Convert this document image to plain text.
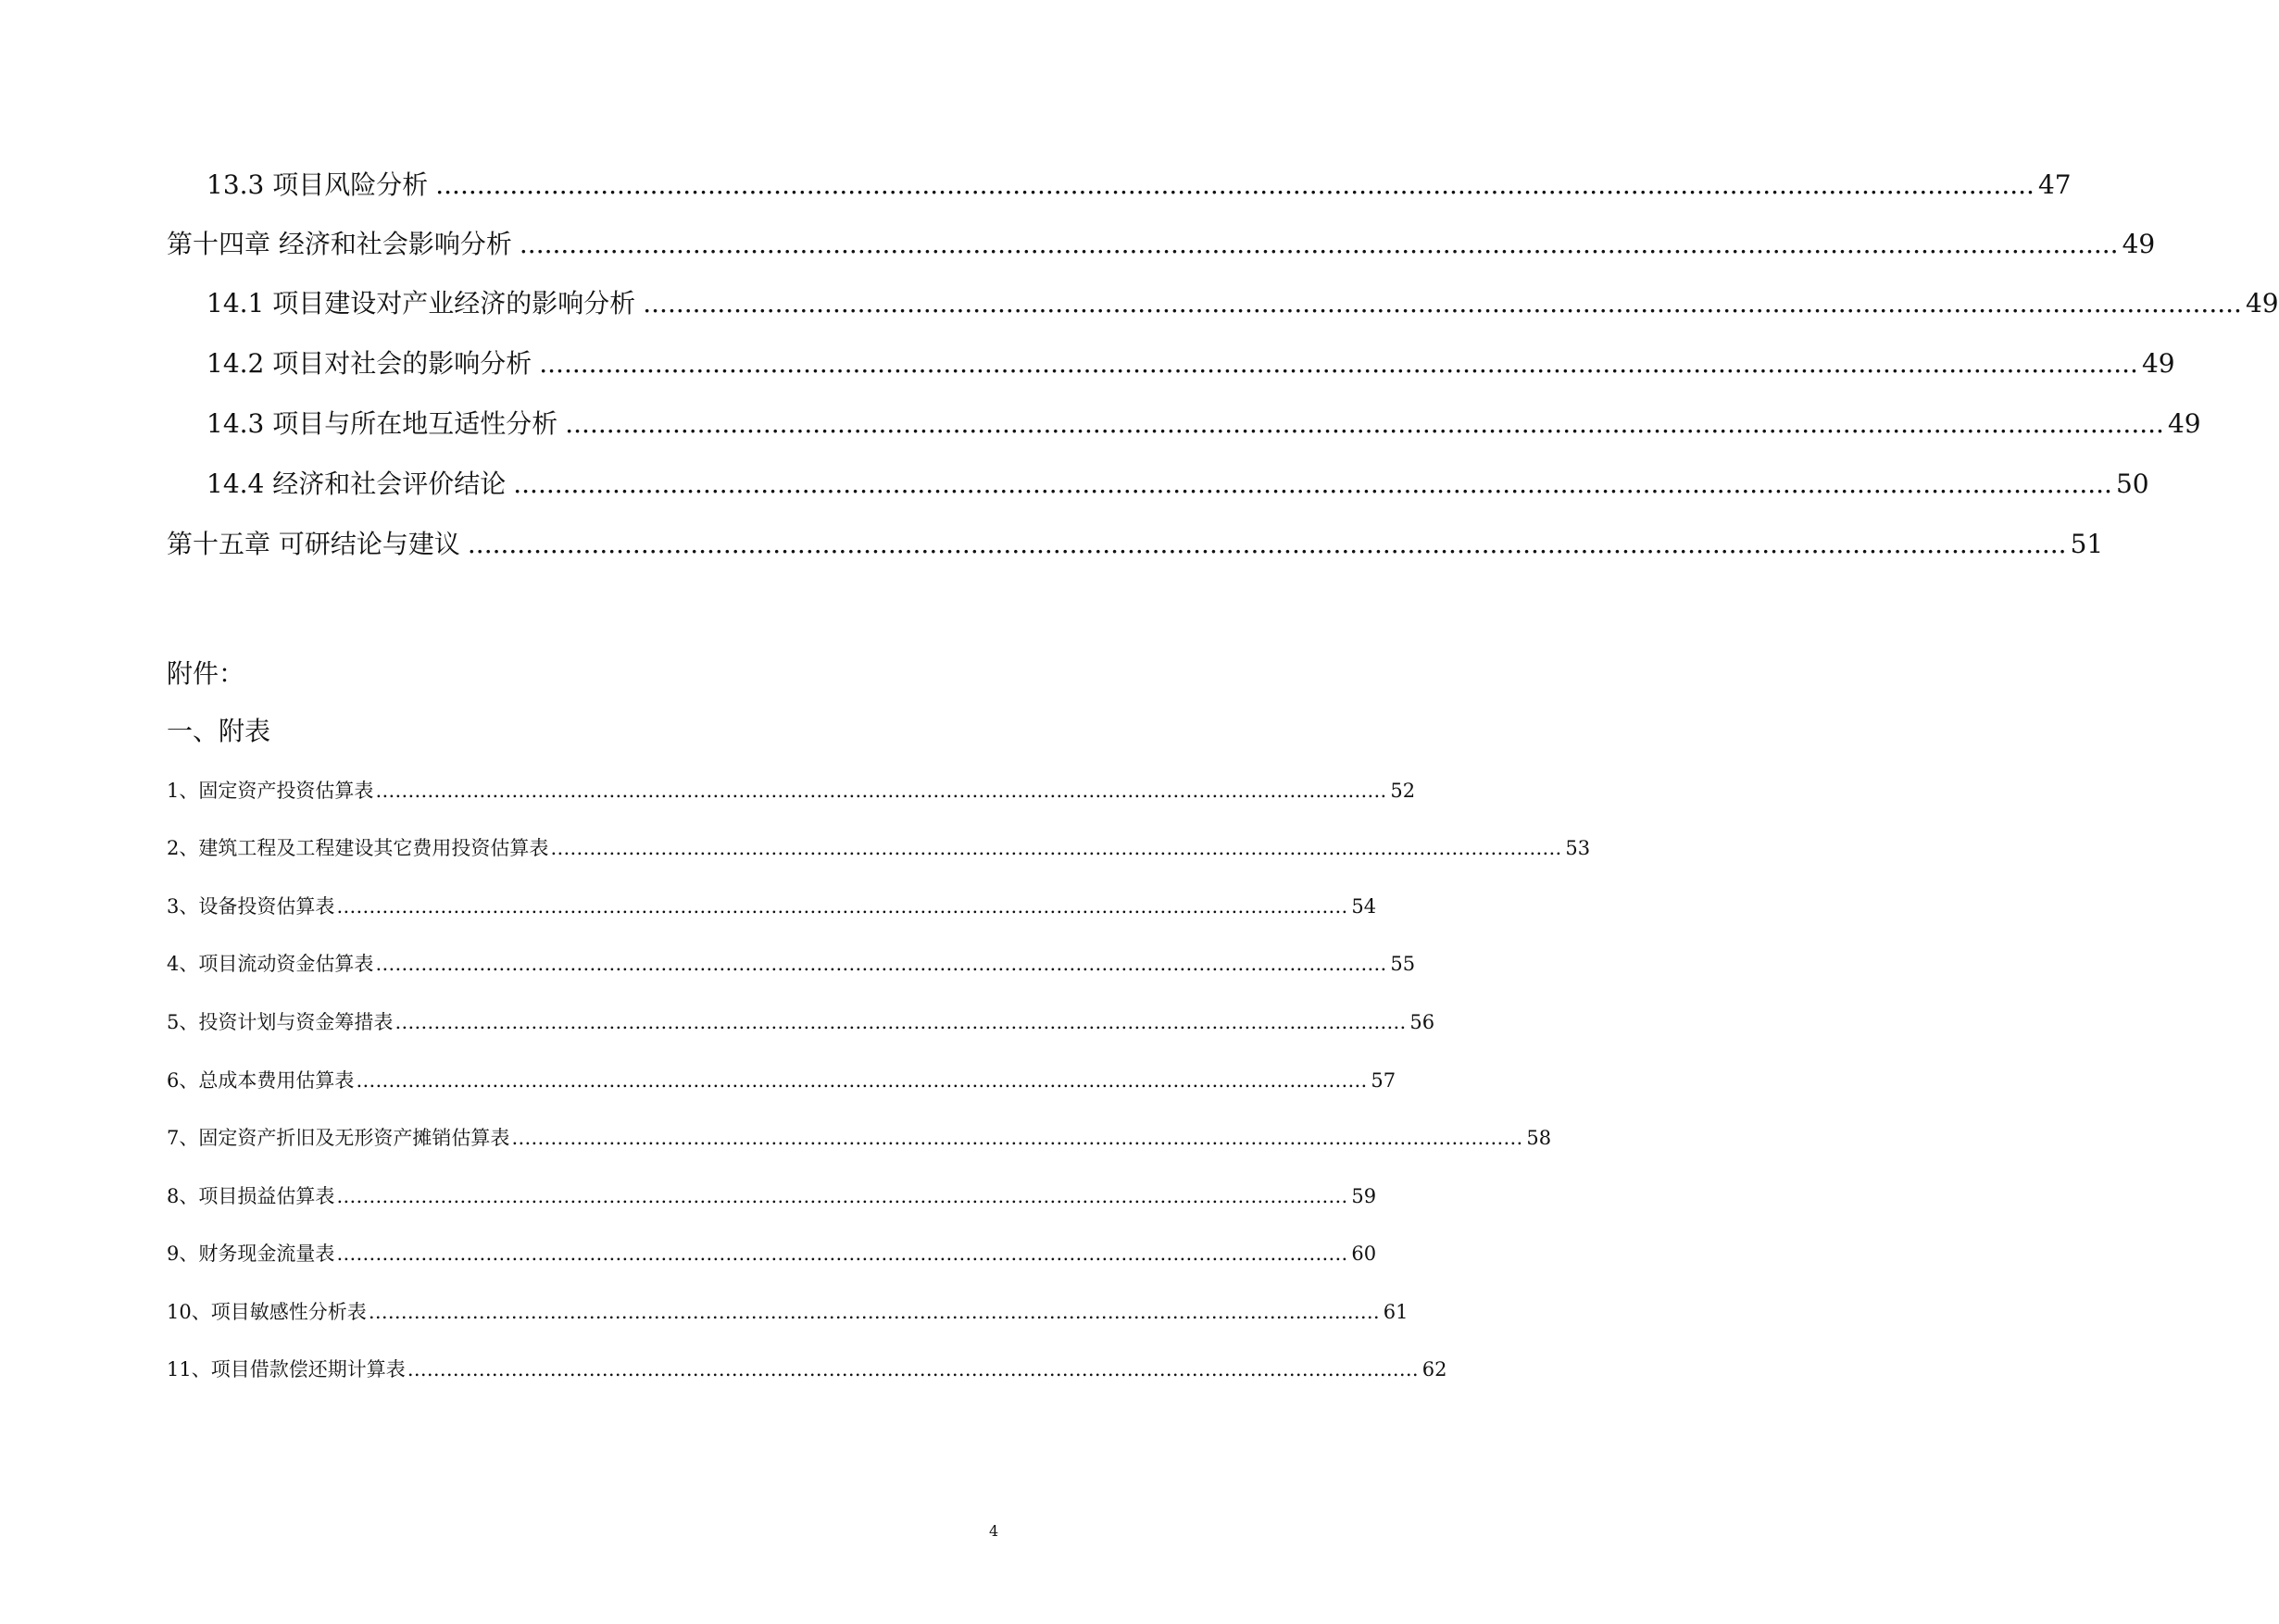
13.3 项目风险分析 .................................................................................................................................................................................................. 47
第十四章 经济和社会影响分析 .................................................................................................................................................................................................. 49
14.1 项目建设对产业经济的影响分析 .................................................................................................................................................................................................. 49
14.2 项目对社会的影响分析 .................................................................................................................................................................................................. 49
14.3 项目与所在地互适性分析 .................................................................................................................................................................................................. 49
14.4 经济和社会评价结论 .................................................................................................................................................................................................. 50
第十五章 可研结论与建议 .................................................................................................................................................................................................. 51
附件：
一、附表
1、固定资产投资估算表 ………………………………………………………………………………………………………………………………………… 52
2、建筑工程及工程建设其它费用投资估算表 ………………………………………………………………………………………………………………………………………… 53
3、设备投资估算表 ………………………………………………………………………………………………………………………………………… 54
4、项目流动资金估算表 ………………………………………………………………………………………………………………………………………… 55
5、投资计划与资金筹措表 ………………………………………………………………………………………………………………………………………… 56
6、总成本费用估算表 ………………………………………………………………………………………………………………………………………… 57
7、固定资产折旧及无形资产摊销估算表 ………………………………………………………………………………………………………………………………………… 58
8、项目损益估算表 ………………………………………………………………………………………………………………………………………… 59
9、财务现金流量表 ………………………………………………………………………………………………………………………………………… 60
10、项目敏感性分析表 ………………………………………………………………………………………………………………………………………… 61
11、项目借款偿还期计算表 ………………………………………………………………………………………………………………………………………… 62
4
